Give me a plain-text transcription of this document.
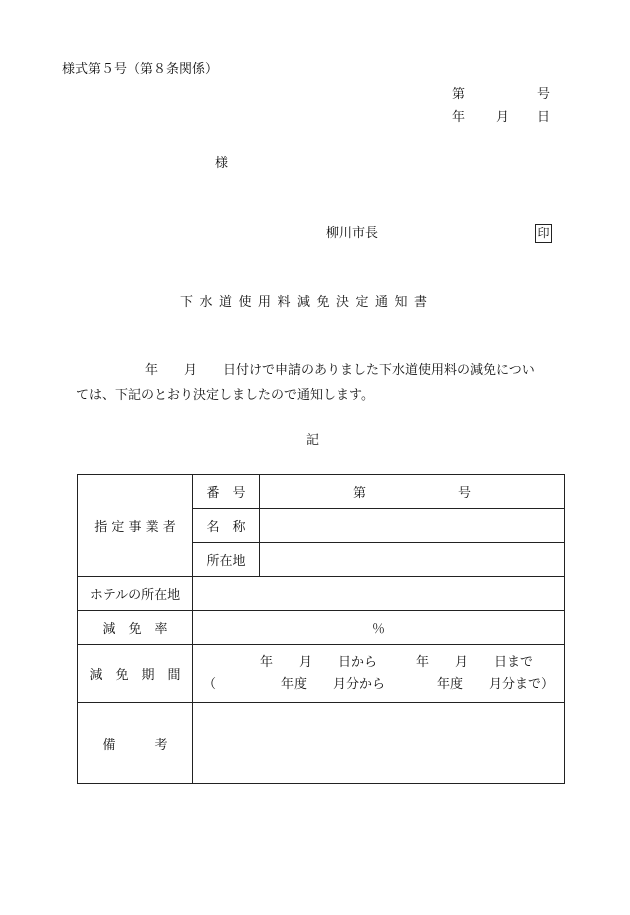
様式第５号（第８条関係）
第	号
年 月 日
様
柳川市長	印
下水道使用料減免決定通知書
年　　月　　日付けで申請のありました下水道使用料の減免につい
ては、下記のとおり決定しましたので通知します。
記
指 定 事 業 者	番　号	第 号
	名　称	
	所在地	
ホテルの所在地		
減　免　率	％	
減　免　期　間	年　　月　　日から　　　年　　月　　日まで
（　　　　　年度　　月分から　　　　年度　　月分まで）	

備　　　考		
